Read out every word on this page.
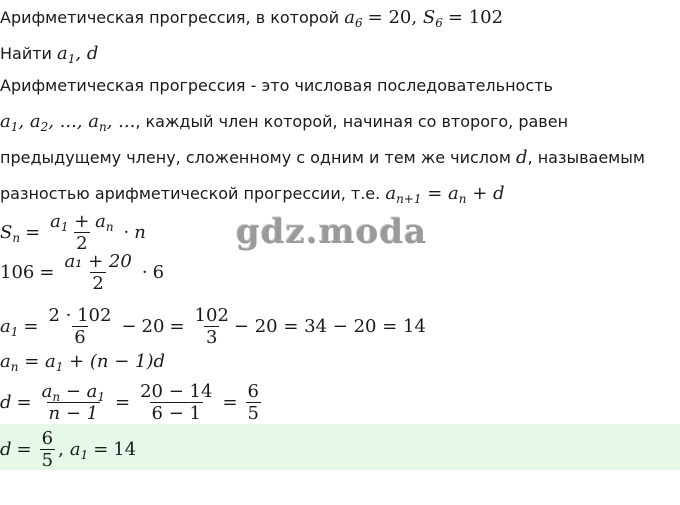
Арифметическая прогрессия, в которой $a_6 = 20$, $S_6 = 102$
Найти $a_1$, d
Арифметическая прогрессия - это числовая последовательность
$a_1$, $a_2$, ..., $a_n$, ..., каждый член которой, начиная со второго, равен
предыдущему члену, сложенному с одним и тем же числом d, называемым
разностью арифметической прогрессии, т.е. $a_{n+1} = a_n + d$
gdz.moda
$S_n = \frac{a_1 + a_n}{2} \cdot n$
$106 = \frac{\text{a₁ + 20}}{2} \cdot 6$
$a_1 = \frac{2 \cdot 102}{6} - 20 = \frac{102}{3} - 20 = 34 - 20 = 14$
$a_n = a_1 + (n - 1)d$
$d = \frac{a_n - a_1}{n - 1} = \frac{20 - 14}{6 - 1} = \frac{6}{5}$
$d = \frac{6}{5}$ , $a_1 = 14$
